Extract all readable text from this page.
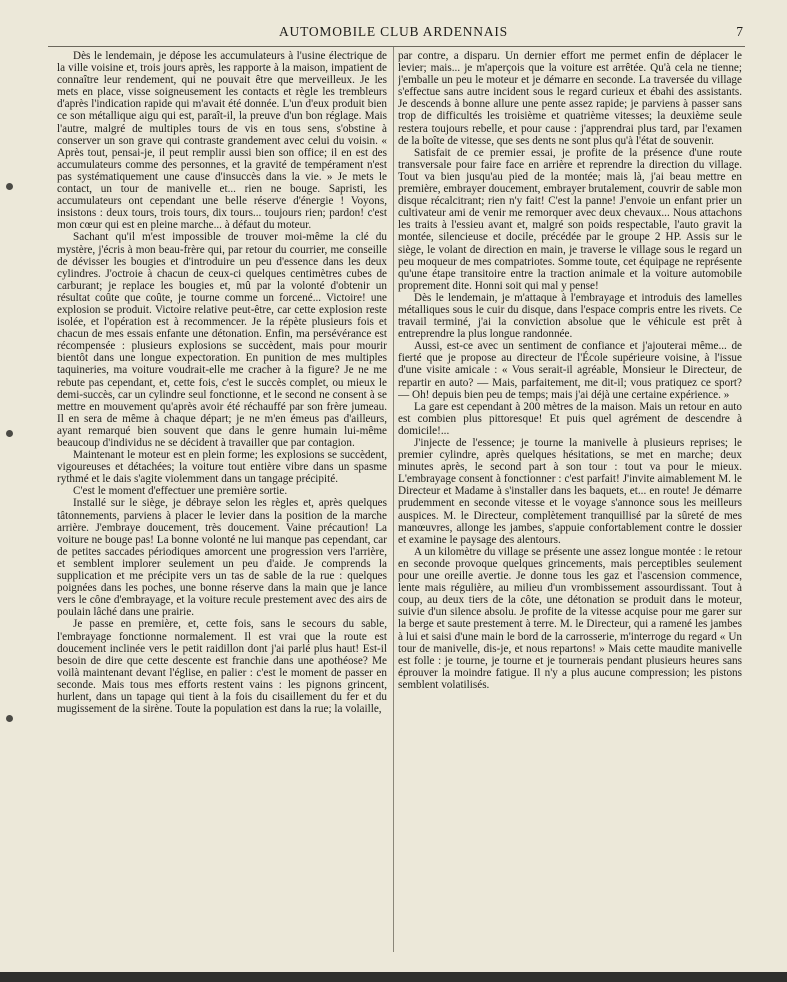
AUTOMOBILE CLUB ARDENNAIS	7

Dès le lendemain, je dépose les accumulateurs à l'usine électrique de la ville voisine et, trois jours après, les rapporte à la maison, impatient de connaître leur rendement, qui ne pouvait être que merveilleux. Je les mets en place, visse soigneusement les contacts et règle les trembleurs d'après l'indication rapide qui m'avait été donnée. L'un d'eux produit bien ce son métallique aigu qui est, paraît-il, la preuve d'un bon réglage. Mais l'autre, malgré de multiples tours de vis en tous sens, s'obstine à conserver un son grave qui contraste grandement avec celui du voisin. « Après tout, pensai-je, il peut remplir aussi bien son office; il en est des accumulateurs comme des personnes, et la gravité de tempérament n'est pas systématiquement une cause d'insuccès dans la vie. » Je mets le contact, un tour de manivelle et... rien ne bouge. Sapristi, les accumulateurs ont cependant une belle réserve d'énergie ! Voyons, insistons : deux tours, trois tours, dix tours... toujours rien; pardon! c'est mon cœur qui est en pleine marche... à défaut du moteur.

Sachant qu'il m'est impossible de trouver moi-même la clé du mystère, j'écris à mon beau-frère qui, par retour du courrier, me conseille de dévisser les bougies et d'introduire un peu d'essence dans les deux cylindres. J'octroie à chacun de ceux-ci quelques centimètres cubes de carburant; je replace les bougies et, mû par la volonté d'obtenir un résultat coûte que coûte, je tourne comme un forcené... Victoire! une explosion se produit. Victoire relative peut-être, car cette explosion reste isolée, et l'opération est à recommencer. Je la répète plusieurs fois et chacun de mes essais enfante une détonation. Enfin, ma persévérance est récompensée : plusieurs explosions se succèdent, mais pour mourir bientôt dans une longue expectoration. En punition de mes multiples taquineries, ma voiture voudrait-elle me cracher à la figure? Je ne me rebute pas cependant, et, cette fois, c'est le succès complet, ou mieux le demi-succès, car un cylindre seul fonctionne, et le second ne consent à se mettre en mouvement qu'après avoir été réchauffé par son frère jumeau. Il en sera de même à chaque départ; je ne m'en émeus pas d'ailleurs, ayant remarqué bien souvent que dans le genre humain lui-même beaucoup d'individus ne se décident à travailler que par contagion.

Maintenant le moteur est en plein forme; les explosions se succèdent, vigoureuses et détachées; la voiture tout entière vibre dans un spasme rythmé et le dais s'agite violemment dans un tangage précipité.

C'est le moment d'effectuer une première sortie.

Installé sur le siège, je débraye selon les règles et, après quelques tâtonnements, parviens à placer le levier dans la position de la marche arrière. J'embraye doucement, très doucement. Vaine précaution! La voiture ne bouge pas! La bonne volonté ne lui manque pas cependant, car de petites saccades périodiques amorcent une progression vers l'arrière, et semblent implorer seulement un peu d'aide. Je comprends la supplication et me précipite vers un tas de sable de la rue : quelques poignées dans les poches, une bonne réserve dans la main que je lance vers le cône d'embrayage, et la voiture recule prestement avec des airs de poulain lâché dans une prairie.

Je passe en première, et, cette fois, sans le secours du sable, l'embrayage fonctionne normalement. Il est vrai que la route est doucement inclinée vers le petit raidillon dont j'ai parlé plus haut! Est-il besoin de dire que cette descente est franchie dans une apothéose? Me voilà maintenant devant l'église, en palier : c'est le moment de passer en seconde. Mais tous mes efforts restent vains : les pignons grincent, hurlent, dans un tapage qui tient à la fois du cisaillement du fer et du mugissement de la sirène. Toute la population est dans la rue; la volaille,

par contre, a disparu. Un dernier effort me permet enfin de déplacer le levier; mais... je m'aperçois que la voiture est arrêtée. Qu'à cela ne tienne; j'emballe un peu le moteur et je démarre en seconde. La traversée du village s'effectue sans autre incident sous le regard curieux et ébahi des assistants. Je descends à bonne allure une pente assez rapide; je parviens à passer sans trop de difficultés les troisième et quatrième vitesses; la deuxième seule restera toujours rebelle, et pour cause : j'apprendrai plus tard, par l'examen de la boîte de vitesse, que ses dents ne sont plus qu'à l'état de souvenir.

Satisfait de ce premier essai, je profite de la présence d'une route transversale pour faire face en arrière et reprendre la direction du village. Tout va bien jusqu'au pied de la montée; mais là, j'ai beau mettre en première, embrayer doucement, embrayer brutalement, couvrir de sable mon disque récalcitrant; rien n'y fait! C'est la panne! J'envoie un enfant prier un cultivateur ami de venir me remorquer avec deux chevaux... Nous attachons les traits à l'essieu avant et, malgré son poids respectable, l'auto gravit la montée, silencieuse et docile, précédée par le groupe 2 HP. Assis sur le siège, le volant de direction en main, je traverse le village sous le regard un peu moqueur de mes compatriotes. Somme toute, cet équipage ne représente qu'une étape transitoire entre la traction animale et la voiture automobile proprement dite. Honni soit qui mal y pense!

Dès le lendemain, je m'attaque à l'embrayage et introduis des lamelles métalliques sous le cuir du disque, dans l'espace compris entre les rivets. Ce travail terminé, j'ai la conviction absolue que le véhicule est prêt à entreprendre la plus longue randonnée.

Aussi, est-ce avec un sentiment de confiance et j'ajouterai même... de fierté que je propose au directeur de l'École supérieure voisine, à l'issue d'une visite amicale : « Vous serait-il agréable, Monsieur le Directeur, de repartir en auto? — Mais, parfaitement, me dit-il; vous pratiquez ce sport? — Oh! depuis bien peu de temps; mais j'ai déjà une certaine expérience. »

La gare est cependant à 200 mètres de la maison. Mais un retour en auto est combien plus pittoresque! Et puis quel agrément de descendre à domicile!...

J'injecte de l'essence; je tourne la manivelle à plusieurs reprises; le premier cylindre, après quelques hésitations, se met en marche; deux minutes après, le second part à son tour : tout va pour le mieux. L'embrayage consent à fonctionner : c'est parfait! J'invite aimablement M. le Directeur et Madame à s'installer dans les baquets, et... en route! Je démarre prudemment en seconde vitesse et le voyage s'annonce sous les meilleurs auspices. M. le Directeur, complètement tranquillisé par la sûreté de mes manœuvres, allonge les jambes, s'appuie confortablement contre le dossier et examine le paysage des alentours.

A un kilomètre du village se présente une assez longue montée : le retour en seconde provoque quelques grincements, mais perceptibles seulement pour une oreille avertie. Je donne tous les gaz et l'ascension commence, lente mais régulière, au milieu d'un vrombissement assourdissant. Tout à coup, au deux tiers de la côte, une détonation se produit dans le moteur, suivie d'un silence absolu. Je profite de la vitesse acquise pour me garer sur la berge et saute prestement à terre. M. le Directeur, qui a ramené les jambes à lui et saisi d'une main le bord de la carrosserie, m'interroge du regard « Un tour de manivelle, dis-je, et nous repartons! » Mais cette maudite manivelle est folle : je tourne, je tourne et je tournerais pendant plusieurs heures sans éprouver la moindre fatigue. Il n'y a plus aucune compression; les pistons semblent volatilisés.
